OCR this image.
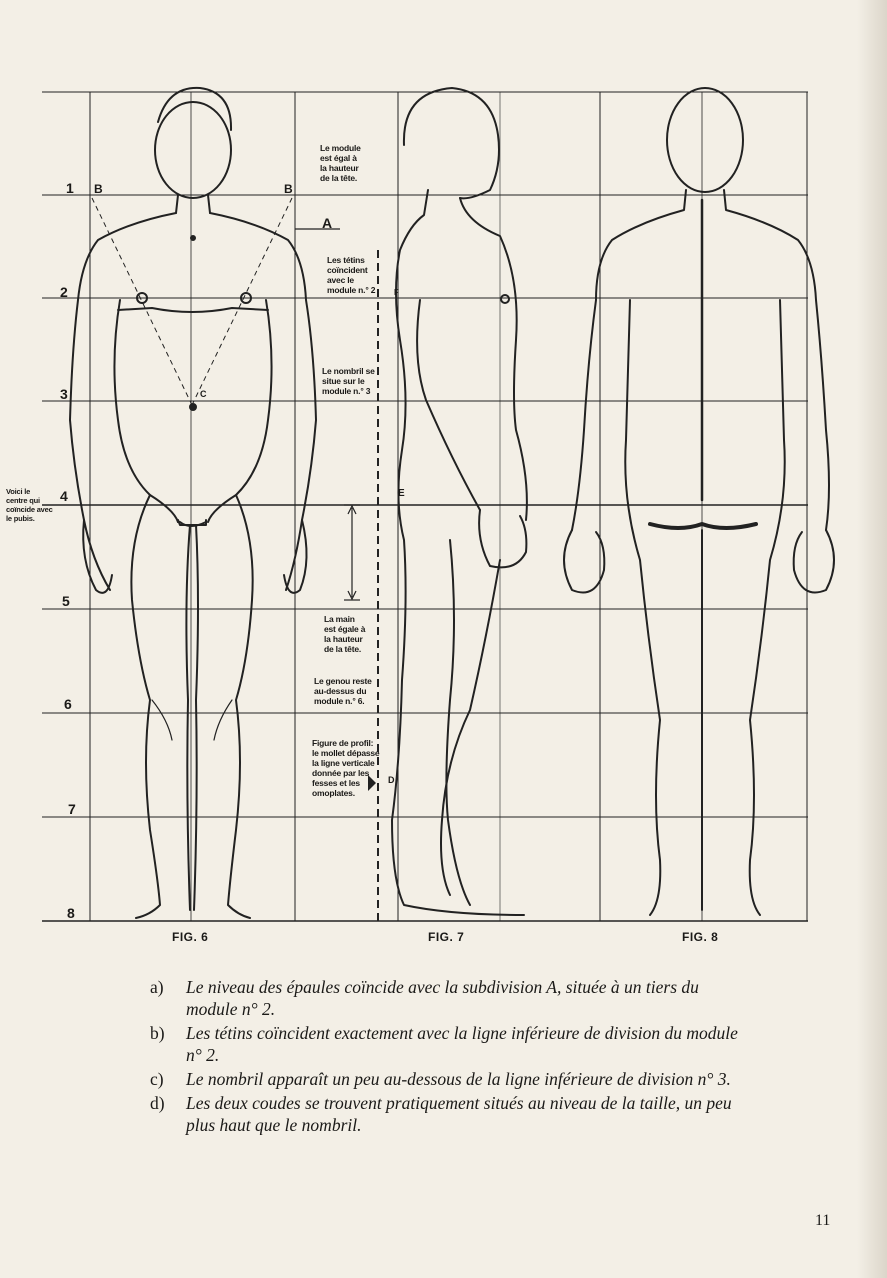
1
2
3
4
5
6
7
8
B	B
A
C
E
D
F
Le module
est égal à
la hauteur
de la tête.
Les tétins
coïncident
avec le
module n.° 2
Le nombril se
situe sur le
module n.° 3
Voici le
centre qui
coïncide avec
le pubis.
La main
est égale à
la hauteur
de la tête.
Le genou reste
au-dessus du
module n.° 6.
Figure de profil:
le mollet dépasse
la ligne verticale
donnée par les
fesses et les
omoplates.
FIG. 6	FIG. 7	FIG. 8
a)	Le niveau des épaules coïncide avec la subdivision A, située à un tiers du module n° 2.
b)	Les tétins coïncident exactement avec la ligne inférieure de division du module n° 2.
c)	Le nombril apparaît un peu au-dessous de la ligne inférieure de division n° 3.
d)	Les deux coudes se trouvent pratiquement situés au niveau de la taille, un peu plus haut que le nombril.
11
